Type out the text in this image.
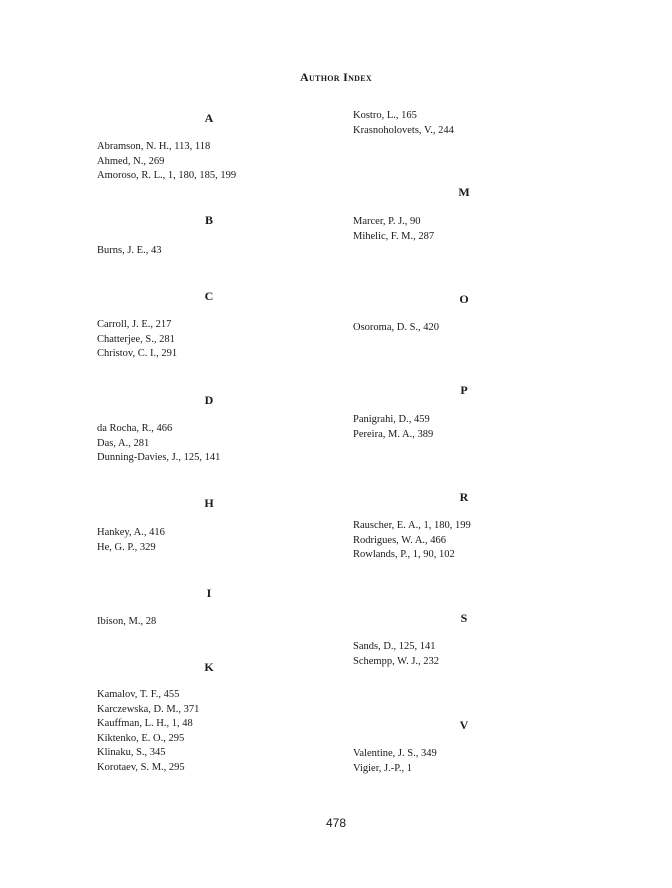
Author Index
A
Abramson, N. H., 113, 118
Ahmed, N., 269
Amoroso, R. L., 1, 180, 185, 199
B
Burns, J. E., 43
C
Carroll, J. E., 217
Chatterjee, S., 281
Christov, C. I., 291
D
da Rocha, R., 466
Das, A., 281
Dunning-Davies, J., 125, 141
H
Hankey, A., 416
He, G. P., 329
I
Ibison, M., 28
K
Kamalov, T. F., 455
Karczewska, D. M., 371
Kauffman, L. H., 1, 48
Kiktenko, E. O., 295
Klinaku, S., 345
Korotaev, S. M., 295
Kostro, L., 165
Krasnoholovets, V., 244
M
Marcer, P. J., 90
Mihelic, F. M., 287
O
Osoroma, D. S., 420
P
Panigrahi, D., 459
Pereira, M. A., 389
R
Rauscher, E. A., 1, 180, 199
Rodrigues, W. A., 466
Rowlands, P., 1, 90, 102
S
Sands, D., 125, 141
Schempp, W. J., 232
V
Valentine, J. S., 349
Vigier, J.-P., 1
478
